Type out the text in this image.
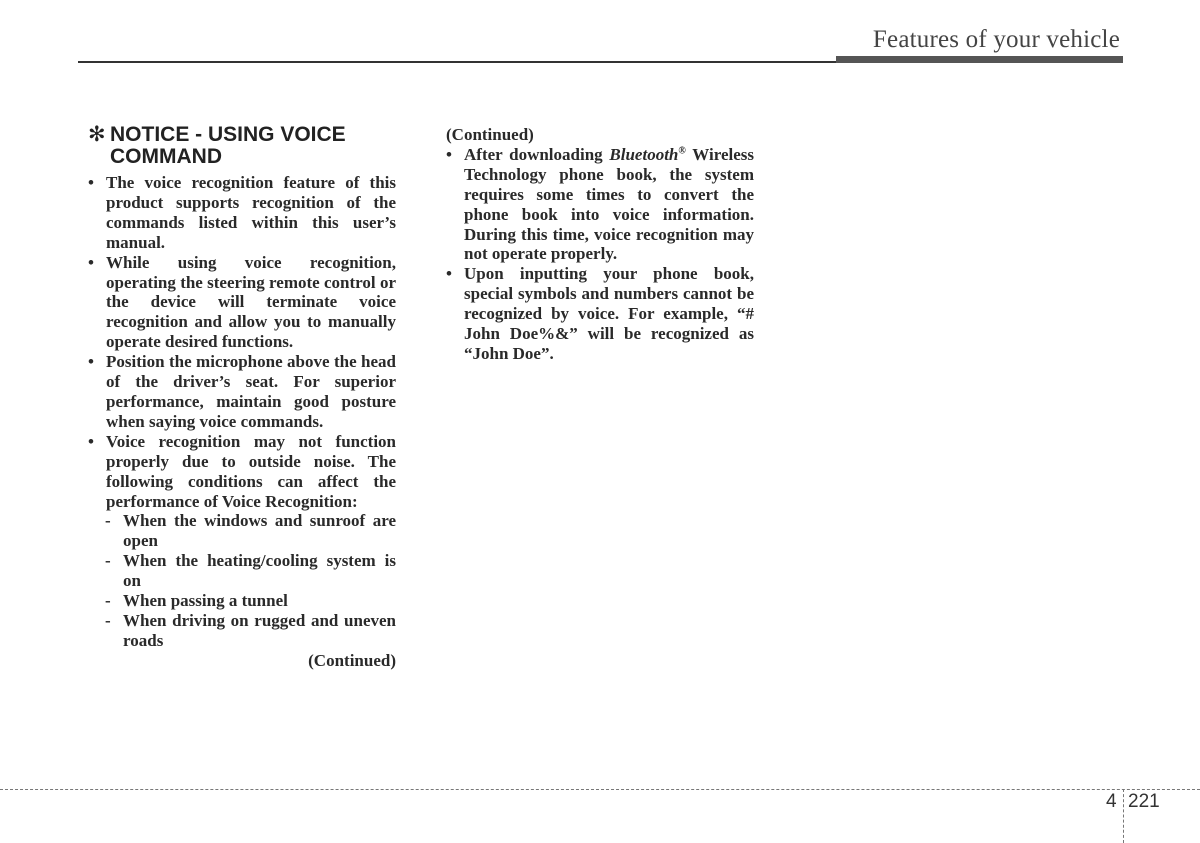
Features of your vehicle
✻ NOTICE - USING VOICE COMMAND
• The voice recognition feature of this product supports recognition of the commands listed within this user’s manual.
• While using voice recognition, operating the steering remote control or the device will terminate voice recognition and allow you to manually operate desired functions.
• Position the microphone above the head of the driver’s seat. For superior performance, maintain good posture when saying voice commands.
• Voice recognition may not function properly due to outside noise. The following conditions can affect the performance of Voice Recognition:
- When the windows and sunroof are open
- When the heating/cooling system is on
- When passing a tunnel
- When driving on rugged and uneven roads
(Continued)
(Continued)
• After downloading Bluetooth® Wireless Technology phone book, the system requires some times to convert the phone book into voice information. During this time, voice recognition may not operate properly.
• Upon inputting your phone book, special symbols and numbers cannot be recognized by voice. For example, “# John Doe%&” will be recognized as “John Doe”.
4 221
